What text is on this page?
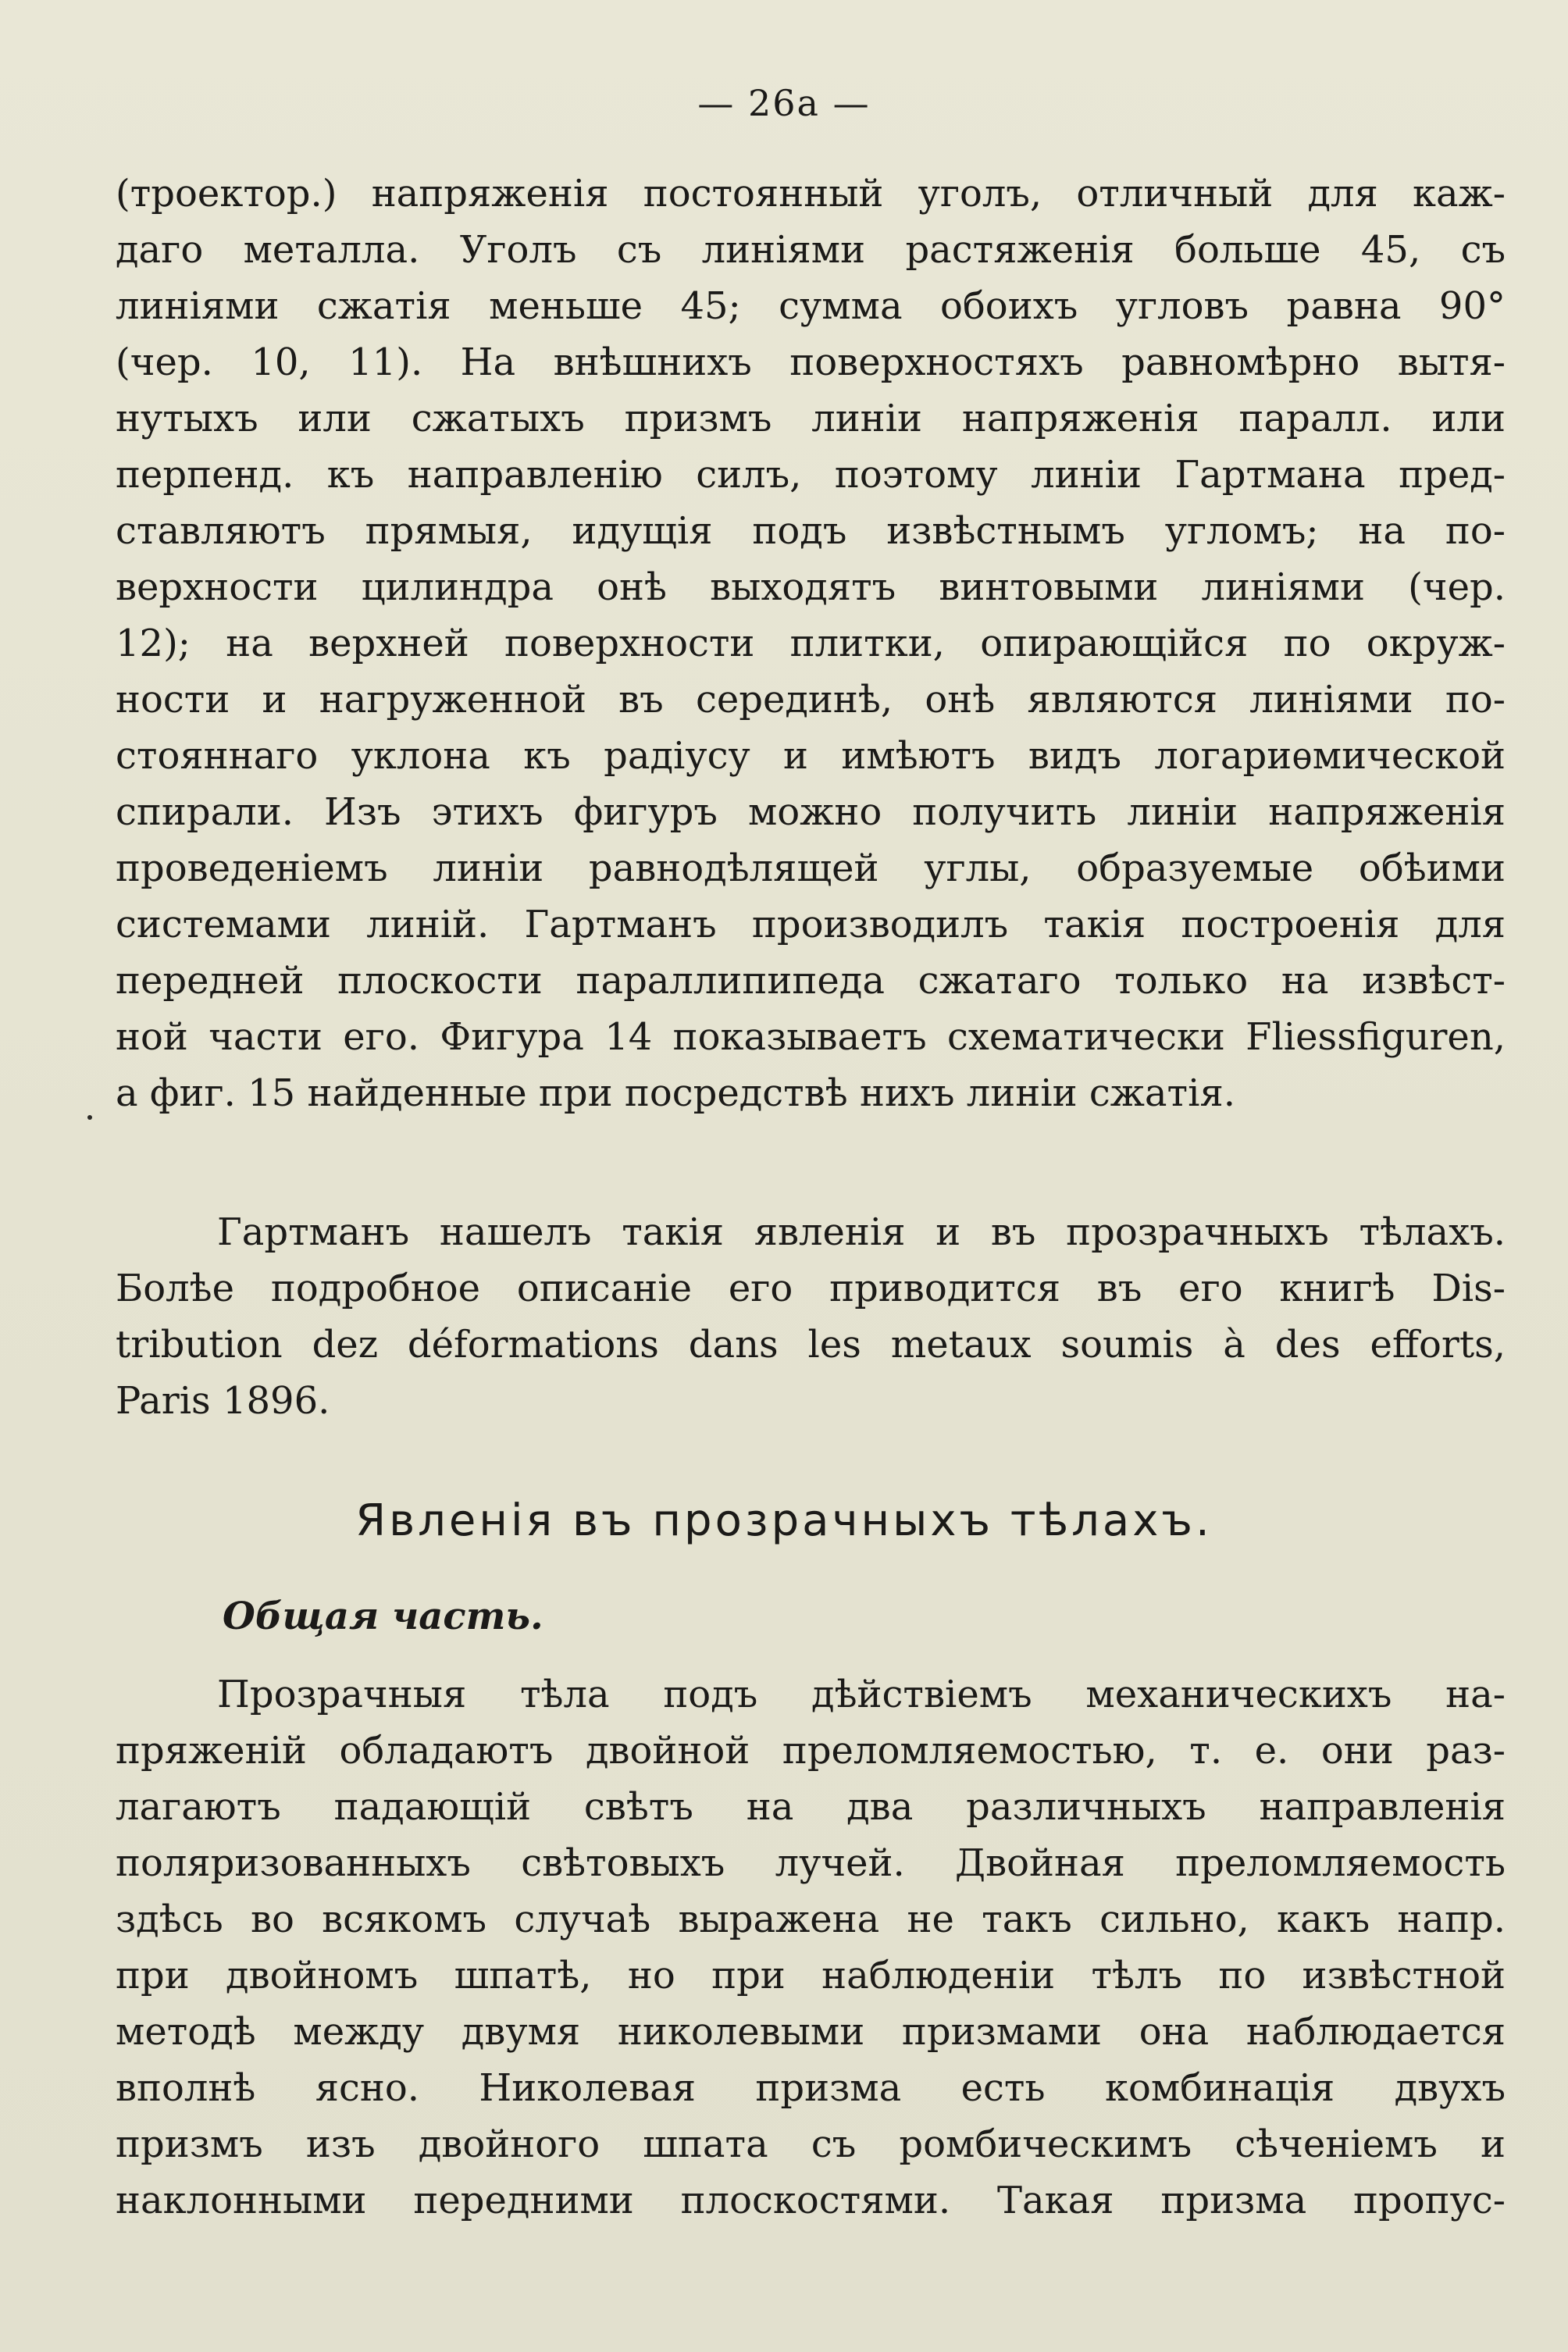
— 26а —
(троектор.) напряженія постоянный уголъ, отличный для каж-
даго металла. Уголъ съ линіями растяженія больше 45, съ
линіями сжатія меньше 45; сумма обоихъ угловъ равна 90°
(чер. 10, 11). На внѣшнихъ поверхностяхъ равномѣрно вытя-
нутыхъ или сжатыхъ призмъ линіи напряженія паралл. или
перпенд. къ направленію силъ, поэтому линіи Гартмана пред-
ставляютъ прямыя, идущія подъ извѣстнымъ угломъ; на по-
верхности цилиндра онѣ выходятъ винтовыми линіями (чер.
12); на верхней поверхности плитки, опирающійся по окруж-
ности и нагруженной въ серединѣ, онѣ являются линіями по-
стояннаго уклона къ радіусу и имѣютъ видъ логариѳмической
спирали. Изъ этихъ фигуръ можно получить линіи напряженія
проведеніемъ линіи равнодѣлящей углы, образуемые обѣими
системами линій. Гартманъ производилъ такія построенія для
передней плоскости параллипипеда сжатаго только на извѣст-
ной части его. Фигура 14 показываетъ схематически Fliessfiguren,
а фиг. 15 найденные при посредствѣ нихъ линіи сжатія.
Гартманъ нашелъ такія явленія и въ прозрачныхъ тѣлахъ.
Болѣе подробное описаніе его приводится въ его книгѣ Dis-
tribution dez déformations dans les metaux soumis à des efforts,
Paris 1896.
Явленія въ прозрачныхъ тѣлахъ.
Общая часть.
Прозрачныя тѣла подъ дѣйствіемъ механическихъ на-
пряженій обладаютъ двойной преломляемостью, т. е. они раз-
лагаютъ падающій свѣтъ на два различныхъ направленія
поляризованныхъ свѣтовыхъ лучей. Двойная преломляемость
здѣсь во всякомъ случаѣ выражена не такъ сильно, какъ напр.
при двойномъ шпатѣ, но при наблюденіи тѣлъ по извѣстной
методѣ между двумя николевыми призмами она наблюдается
вполнѣ ясно. Николевая призма есть комбинація двухъ
призмъ изъ двойного шпата съ ромбическимъ сѣченіемъ и
наклонными передними плоскостями. Такая призма пропус-
